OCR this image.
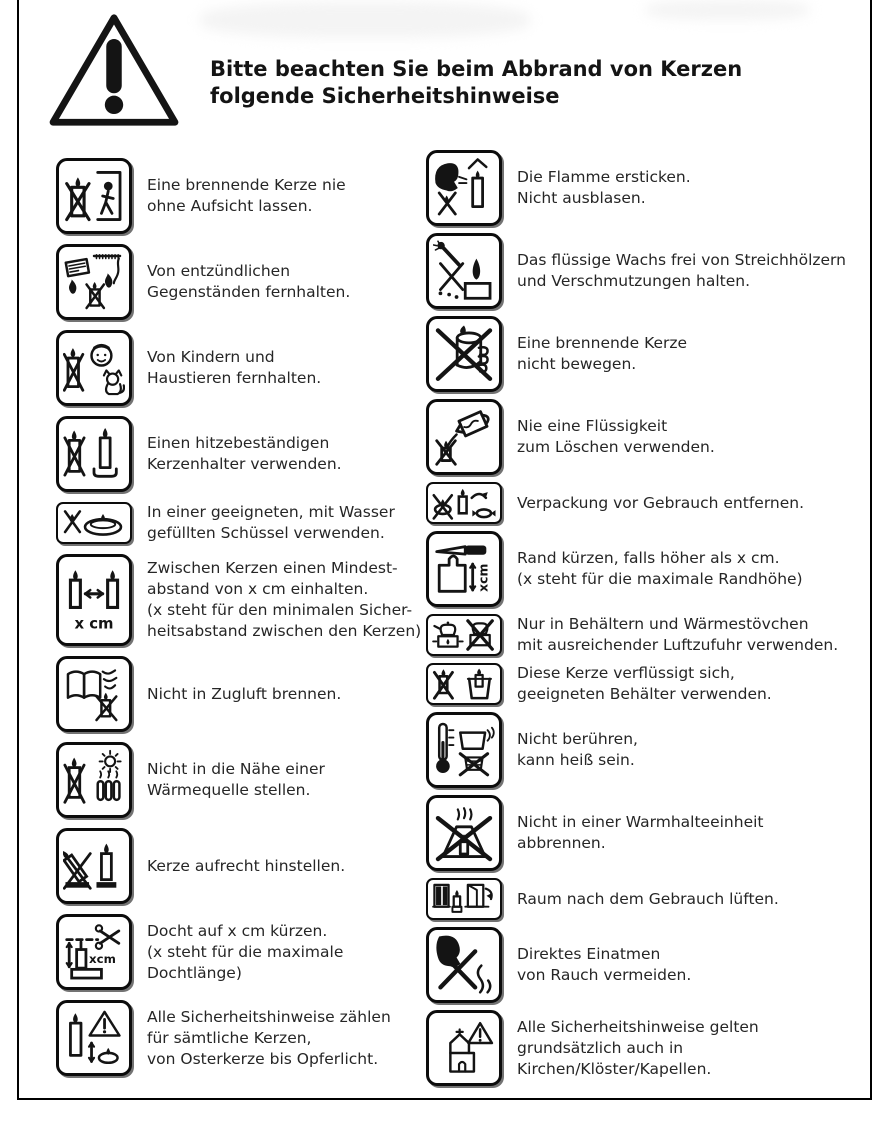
Bitte beachten Sie beim Abbrand von Kerzen
folgende Sicherheitshinweise
Eine brennende Kerze nie
ohne Aufsicht lassen.
Von entzündlichen
Gegenständen fernhalten.
Von Kindern und
Haustieren fernhalten.
Einen hitzebeständigen
Kerzenhalter verwenden.
In einer geeigneten, mit Wasser
gefüllten Schüssel verwenden.
Zwischen Kerzen einen Mindest-
abstand von x cm einhalten.
(x steht für den minimalen Sicher-
heitsabstand zwischen den Kerzen)
Nicht in Zugluft brennen.
Nicht in die Nähe einer
Wärmequelle stellen.
Kerze aufrecht hinstellen.
Docht auf x cm kürzen.
(x steht für die maximale
Dochtlänge)
Alle Sicherheitshinweise zählen
für sämtliche Kerzen,
von Osterkerze bis Opferlicht.
Die Flamme ersticken.
Nicht ausblasen.
Das flüssige Wachs frei von Streichhölzern
und Verschmutzungen halten.
Eine brennende Kerze
nicht bewegen.
Nie eine Flüssigkeit
zum Löschen verwenden.
Verpackung vor Gebrauch entfernen.
Rand kürzen, falls höher als x cm.
(x steht für die maximale Randhöhe)
Nur in Behältern und Wärmestövchen
mit ausreichender Luftzufuhr verwenden.
Diese Kerze verflüssigt sich,
geeigneten Behälter verwenden.
Nicht berühren,
kann heiß sein.
Nicht in einer Warmhalteeinheit
abbrennen.
Raum nach dem Gebrauch lüften.
Direktes Einatmen
von Rauch vermeiden.
Alle Sicherheitshinweise gelten
grundsätzlich auch in
Kirchen/Klöster/Kapellen.
